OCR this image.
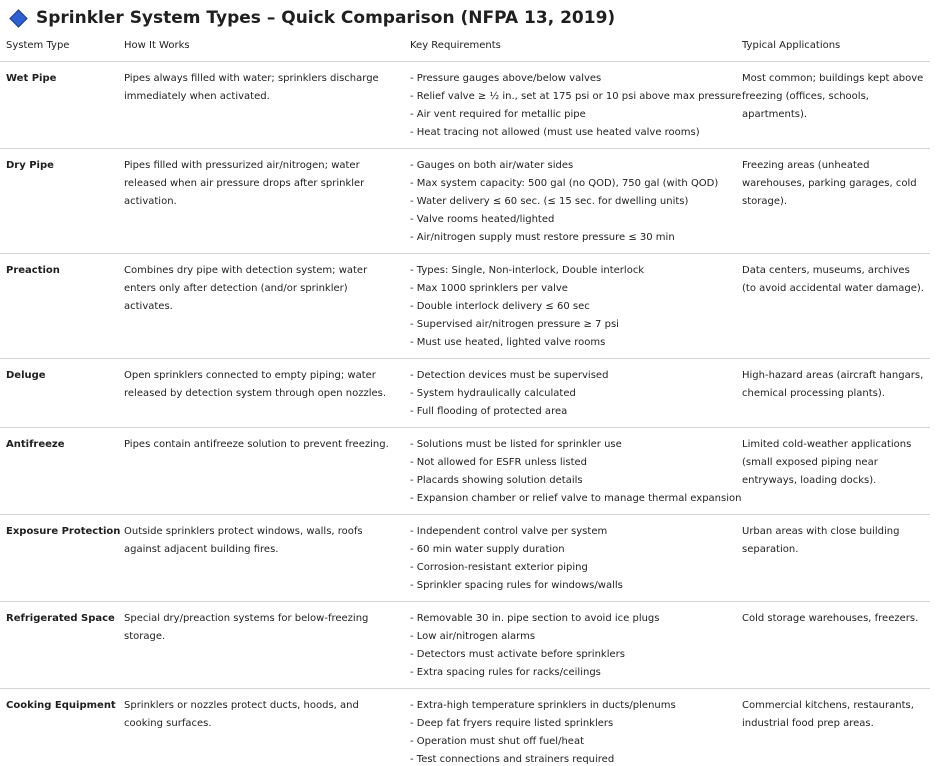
Sprinkler System Types – Quick Comparison (NFPA 13, 2019)
System Type	How It Works	Key Requirements	Typical Applications
Wet Pipe	Pipes always filled with water; sprinklers discharge immediately when activated.	- Pressure gauges above/below valves
- Relief valve ≥ ½ in., set at 175 psi or 10 psi above max pressure
- Air vent required for metallic pipe
- Heat tracing not allowed (must use heated valve rooms)	Most common; buildings kept above freezing (offices, schools, apartments).
Dry Pipe	Pipes filled with pressurized air/nitrogen; water released when air pressure drops after sprinkler activation.	- Gauges on both air/water sides
- Max system capacity: 500 gal (no QOD), 750 gal (with QOD)
- Water delivery ≤ 60 sec. (≤ 15 sec. for dwelling units)
- Valve rooms heated/lighted
- Air/nitrogen supply must restore pressure ≤ 30 min	Freezing areas (unheated warehouses, parking garages, cold storage).
Preaction	Combines dry pipe with detection system; water enters only after detection (and/or sprinkler) activates.	- Types: Single, Non-interlock, Double interlock
- Max 1000 sprinklers per valve
- Double interlock delivery ≤ 60 sec
- Supervised air/nitrogen pressure ≥ 7 psi
- Must use heated, lighted valve rooms	Data centers, museums, archives (to avoid accidental water damage).
Deluge	Open sprinklers connected to empty piping; water released by detection system through open nozzles.	- Detection devices must be supervised
- System hydraulically calculated
- Full flooding of protected area	High-hazard areas (aircraft hangars, chemical processing plants).
Antifreeze	Pipes contain antifreeze solution to prevent freezing.	- Solutions must be listed for sprinkler use
- Not allowed for ESFR unless listed
- Placards showing solution details
- Expansion chamber or relief valve to manage thermal expansion	Limited cold-weather applications (small exposed piping near entryways, loading docks).
Exposure Protection	Outside sprinklers protect windows, walls, roofs against adjacent building fires.	- Independent control valve per system
- 60 min water supply duration
- Corrosion-resistant exterior piping
- Sprinkler spacing rules for windows/walls	Urban areas with close building separation.
Refrigerated Space	Special dry/preaction systems for below-freezing storage.	- Removable 30 in. pipe section to avoid ice plugs
- Low air/nitrogen alarms
- Detectors must activate before sprinklers
- Extra spacing rules for racks/ceilings	Cold storage warehouses, freezers.
Cooking Equipment	Sprinklers or nozzles protect ducts, hoods, and cooking surfaces.	- Extra-high temperature sprinklers in ducts/plenums
- Deep fat fryers require listed sprinklers
- Operation must shut off fuel/heat
- Test connections and strainers required	Commercial kitchens, restaurants, industrial food prep areas.
